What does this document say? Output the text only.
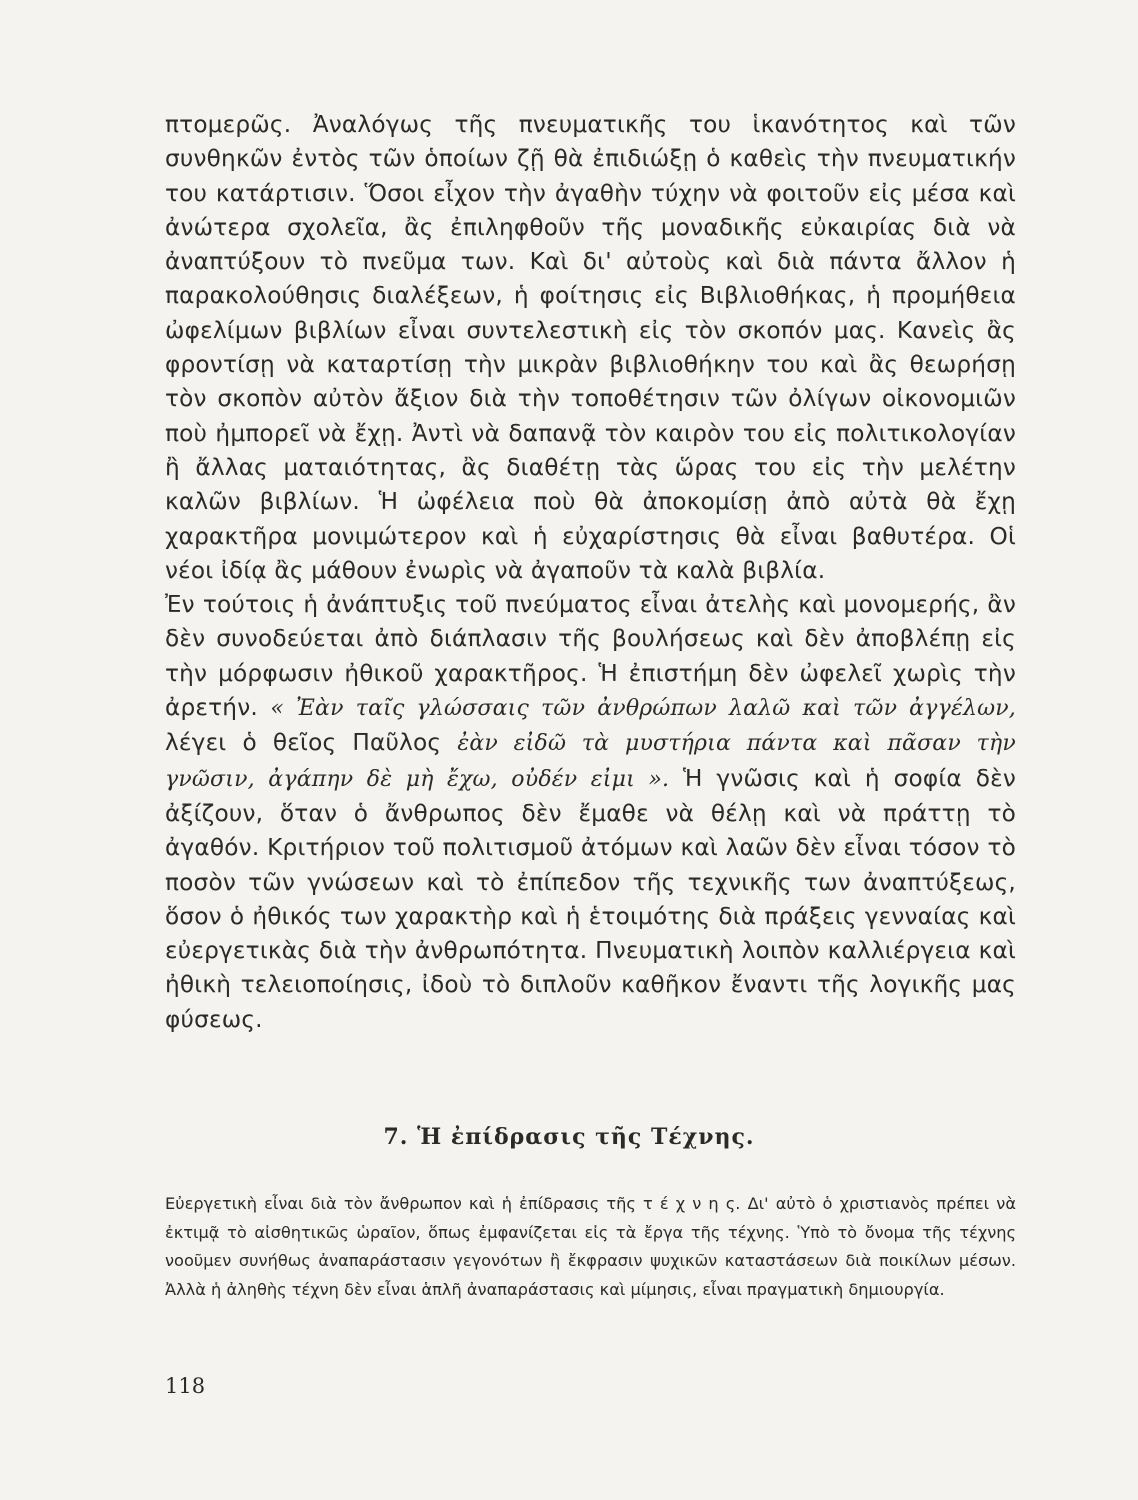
πτομερῶς. Ἀναλόγως τῆς πνευματικῆς του ἱκανότητος καὶ τῶν συνθηκῶν ἐντὸς τῶν ὁποίων ζῇ θὰ ἐπιδιώξῃ ὁ καθεὶς τὴν πνευματικήν του κατάρτισιν. Ὅσοι εἶχον τὴν ἀγαθὴν τύχην νὰ φοιτοῦν εἰς μέσα καὶ ἀνώτερα σχολεῖα, ἂς ἐπιληφθοῦν τῆς μοναδικῆς εὐκαιρίας διὰ νὰ ἀναπτύξουν τὸ πνεῦμα των. Καὶ δι' αὐτοὺς καὶ διὰ πάντα ἄλλον ἡ παρακολούθησις διαλέξεων, ἡ φοίτησις εἰς Βιβλιοθήκας, ἡ προμήθεια ὠφελίμων βιβλίων εἶναι συντελεστικὴ εἰς τὸν σκοπόν μας. Κανεὶς ἂς φροντίσῃ νὰ καταρτίσῃ τὴν μικρὰν βιβλιοθήκην του καὶ ἂς θεωρήσῃ τὸν σκοπὸν αὐτὸν ἄξιον διὰ τὴν τοποθέτησιν τῶν ὀλίγων οἰκονομιῶν ποὺ ἠμπορεῖ νὰ ἔχῃ. Ἀντὶ νὰ δαπανᾷ τὸν καιρὸν του εἰς πολιτικολογίαν ἢ ἄλλας ματαιότητας, ἂς διαθέτῃ τὰς ὥρας του εἰς τὴν μελέτην καλῶν βιβλίων. Ἡ ὠφέλεια ποὺ θὰ ἀποκομίσῃ ἀπὸ αὐτὰ θὰ ἔχῃ χαρακτῆρα μονιμώτερον καὶ ἡ εὐχαρίστησις θὰ εἶναι βαθυτέρα. Οἱ νέοι ἰδίᾳ ἂς μάθουν ἐνωρὶς νὰ ἀγαποῦν τὰ καλὰ βιβλία.

Ἐν τούτοις ἡ ἀνάπτυξις τοῦ πνεύματος εἶναι ἀτελὴς καὶ μονομερής, ἂν δὲν συνοδεύεται ἀπὸ διάπλασιν τῆς βουλήσεως καὶ δὲν ἀποβλέπῃ εἰς τὴν μόρφωσιν ἠθικοῦ χαρακτῆρος. Ἡ ἐπιστήμη δὲν ὠφελεῖ χωρὶς τὴν ἀρετήν. « Ἐὰν ταῖς γλώσσαις τῶν ἀνθρώπων λαλῶ καὶ τῶν ἀγγέλων, λέγει ὁ θεῖος Παῦλος ἐὰν εἰδῶ τὰ μυστήρια πάντα καὶ πᾶσαν τὴν γνῶσιν, ἀγάπην δὲ μὴ ἔχω, οὐδέν εἰμι ». Ἡ γνῶσις καὶ ἡ σοφία δὲν ἀξίζουν, ὅταν ὁ ἄνθρωπος δὲν ἔμαθε νὰ θέλῃ καὶ νὰ πράττῃ τὸ ἀγαθόν. Κριτήριον τοῦ πολιτισμοῦ ἀτόμων καὶ λαῶν δὲν εἶναι τόσον τὸ ποσὸν τῶν γνώσεων καὶ τὸ ἐπίπεδον τῆς τεχνικῆς των ἀναπτύξεως, ὅσον ὁ ἠθικός των χαρακτὴρ καὶ ἡ ἑτοιμότης διὰ πράξεις γενναίας καὶ εὐεργετικὰς διὰ τὴν ἀνθρωπότητα. Πνευματικὴ λοιπὸν καλλιέργεια καὶ ἠθικὴ τελειοποίησις, ἰδοὺ τὸ διπλοῦν καθῆκον ἔναντι τῆς λογικῆς μας φύσεως.

7. Ἡ ἐπίδρασις τῆς Τέχνης.

Εὐεργετικὴ εἶναι διὰ τὸν ἄνθρωπον καὶ ἡ ἐπίδρασις τῆς τ έ χ ν η ς. Δι' αὐτὸ ὁ χριστιανὸς πρέπει νὰ ἐκτιμᾷ τὸ αἰσθητικῶς ὡραῖον, ὅπως ἐμφανίζεται εἰς τὰ ἔργα τῆς τέχνης. Ὑπὸ τὸ ὄνομα τῆς τέχνης νοοῦμεν συνήθως ἀναπαράστασιν γεγονότων ἢ ἔκφρασιν ψυχικῶν καταστάσεων διὰ ποικίλων μέσων. Ἀλλὰ ἡ ἀληθὴς τέχνη δὲν εἶναι ἁπλῆ ἀναπαράστασις καὶ μίμησις, εἶναι πραγματικὴ δημιουργία.

118
